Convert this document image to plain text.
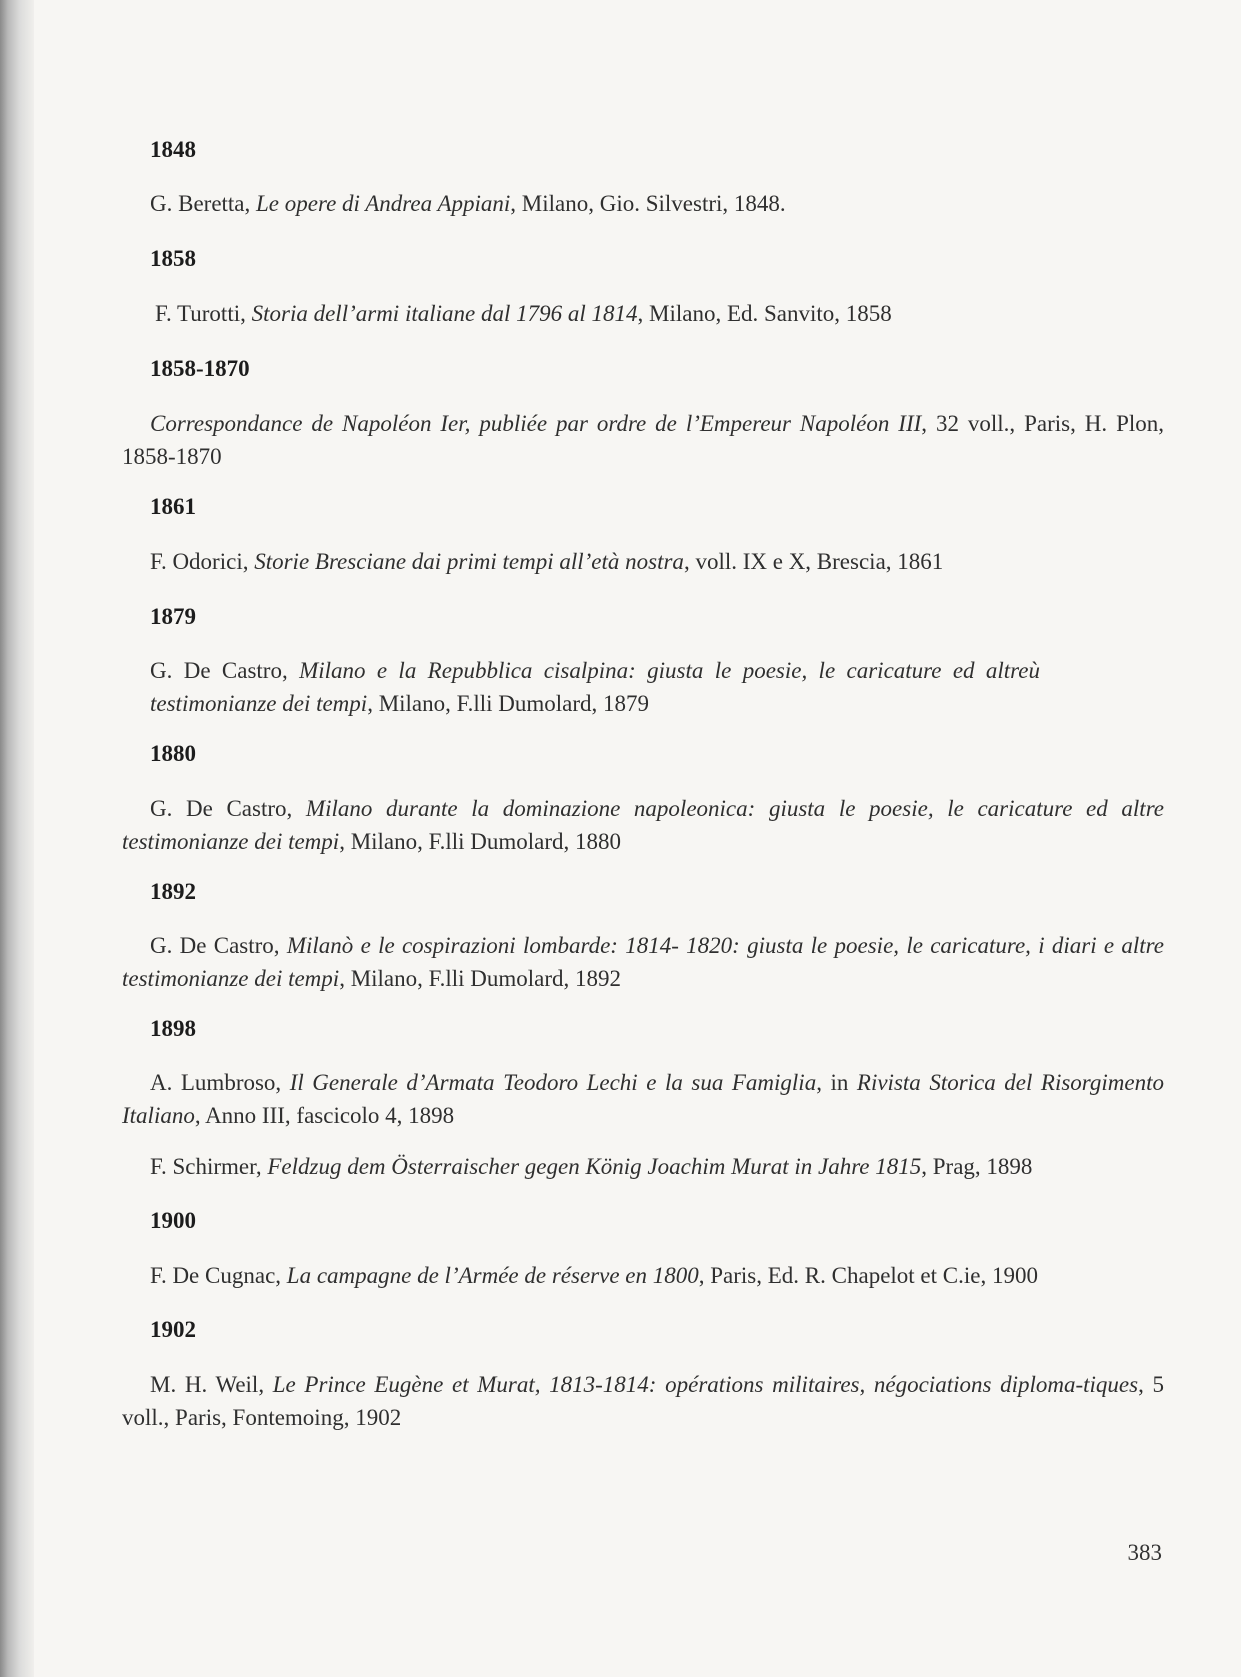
1848

G. Beretta, Le opere di Andrea Appiani, Milano, Gio. Silvestri, 1848.

1858

F. Turotti, Storia dell’armi italiane dal 1796 al 1814, Milano, Ed. Sanvito, 1858

1858-1870

Correspondance de Napoléon Ier, publiée par ordre de l’Empereur Napoléon III, 32 voll., Paris, H. Plon, 1858-1870

1861

F. Odorici, Storie Bresciane dai primi tempi all’età nostra, voll. IX e X, Brescia, 1861

1879

G. De Castro, Milano e la Repubblica cisalpina: giusta le poesie, le caricature ed altreù testimonianze dei tempi, Milano, F.lli Dumolard, 1879

1880

G. De Castro, Milano durante la dominazione napoleonica: giusta le poesie, le caricature ed altre testimonianze dei tempi, Milano, F.lli Dumolard, 1880

1892

G. De Castro, Milanò e le cospirazioni lombarde: 1814- 1820: giusta le poesie, le caricature, i diari e altre testimonianze dei tempi, Milano, F.lli Dumolard, 1892

1898

A. Lumbroso, Il Generale d’Armata Teodoro Lechi e la sua Famiglia, in Rivista Storica del Risorgimento Italiano, Anno III, fascicolo 4, 1898

F. Schirmer, Feldzug dem Österraischer gegen König Joachim Murat in Jahre 1815, Prag, 1898

1900

F. De Cugnac, La campagne de l’Armée de réserve en 1800, Paris, Ed. R. Chapelot et C.ie, 1900

1902

M. H. Weil, Le Prince Eugène et Murat, 1813-1814: opérations militaires, négociations diploma-tiques, 5 voll., Paris, Fontemoing, 1902

383
